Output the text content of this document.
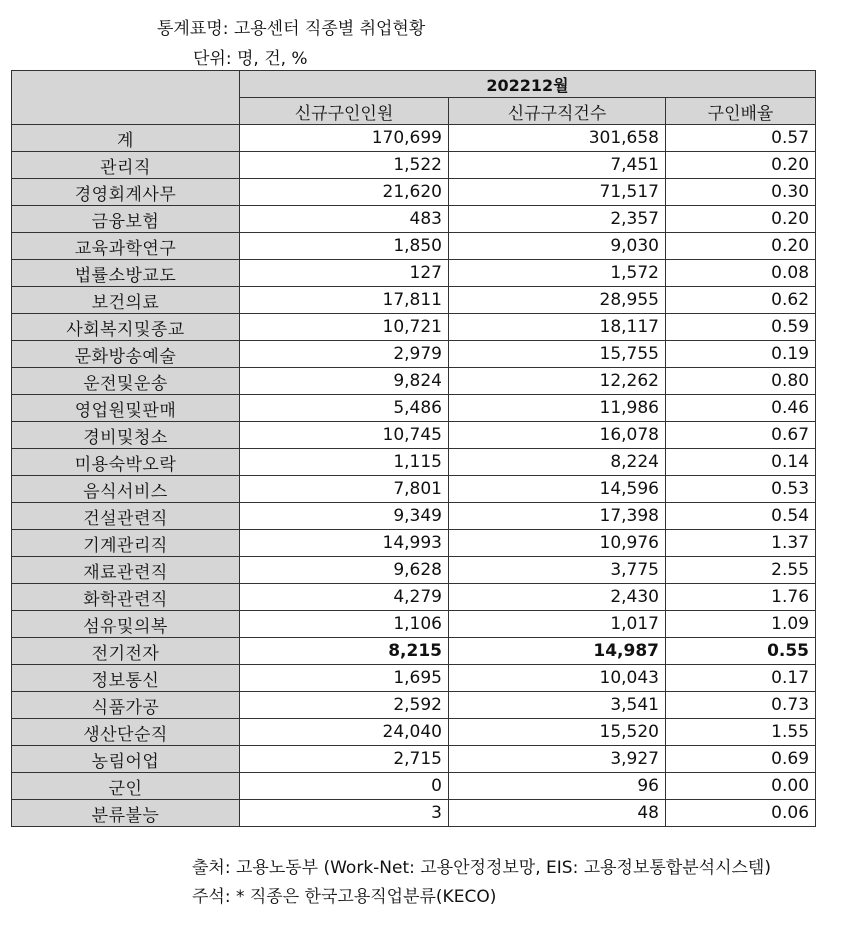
통계표명: 고용센터 직종별 취업현황
단위: 명, 건, %
	202212월		
	신규구인인원	신규구직건수	구인배율
계	170,699	301,658	0.57
관리직	1,522	7,451	0.20
경영회계사무	21,620	71,517	0.30
금융보험	483	2,357	0.20
교육과학연구	1,850	9,030	0.20
법률소방교도	127	1,572	0.08
보건의료	17,811	28,955	0.62
사회복지및종교	10,721	18,117	0.59
문화방송예술	2,979	15,755	0.19
운전및운송	9,824	12,262	0.80
영업원및판매	5,486	11,986	0.46
경비및청소	10,745	16,078	0.67
미용숙박오락	1,115	8,224	0.14
음식서비스	7,801	14,596	0.53
건설관련직	9,349	17,398	0.54
기계관리직	14,993	10,976	1.37
재료관련직	9,628	3,775	2.55
화학관련직	4,279	2,430	1.76
섬유및의복	1,106	1,017	1.09
전기전자	8,215	14,987	0.55
정보통신	1,695	10,043	0.17
식품가공	2,592	3,541	0.73
생산단순직	24,040	15,520	1.55
농림어업	2,715	3,927	0.69
군인	0	96	0.00
분류불능	3	48	0.06
출처: 고용노동부 (Work-Net: 고용안정정보망, EIS: 고용정보통합분석시스템)
주석: * 직종은 한국고용직업분류(KECO)
